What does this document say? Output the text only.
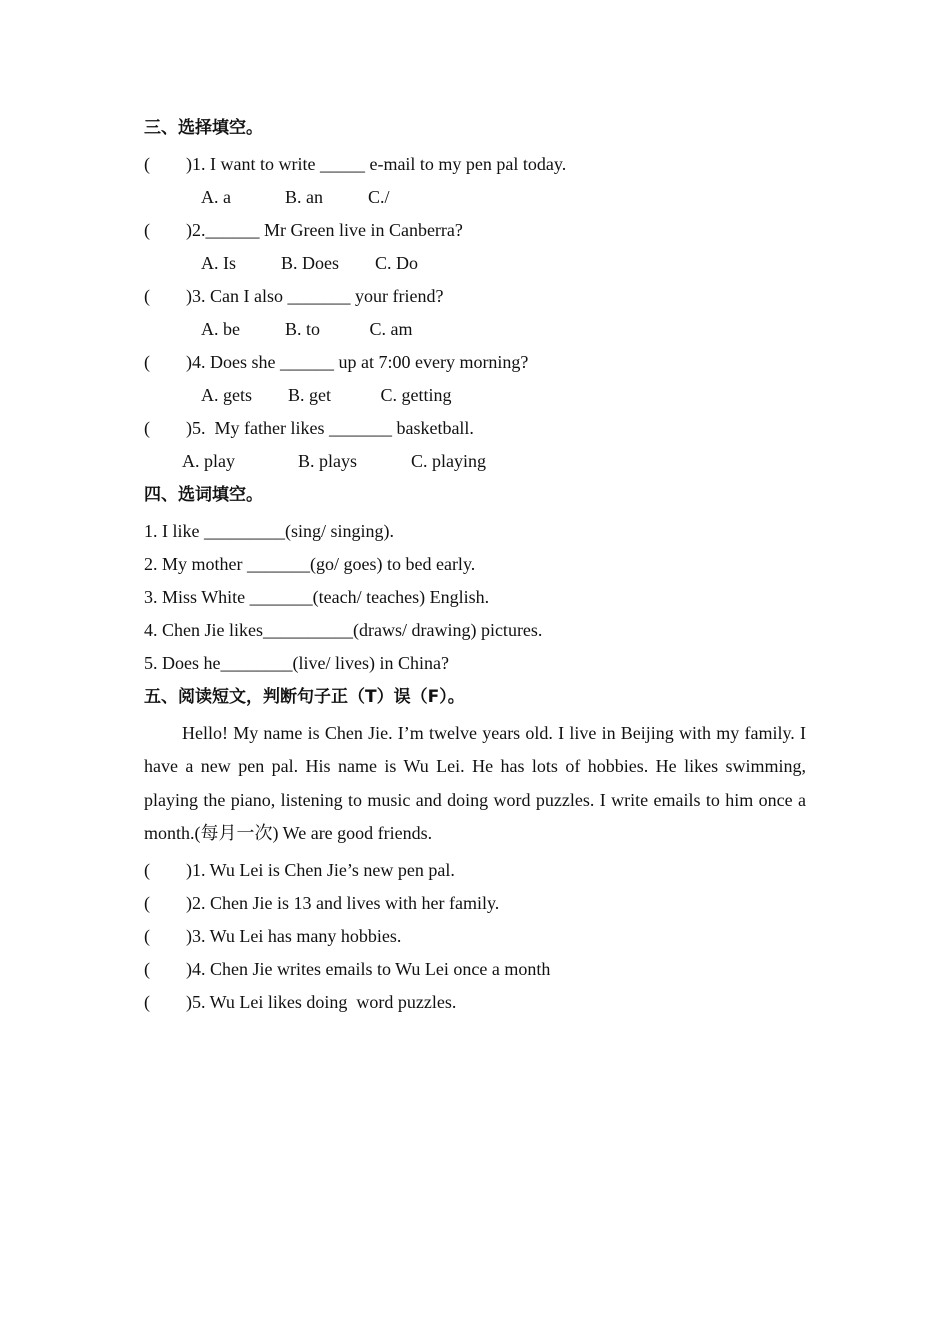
三、选择填空。
(        )1. I want to write _____ e-mail to my pen pal today.
A. a            B. an          C./
(        )2.______ Mr Green live in Canberra?
A. Is          B. Does        C. Do
(        )3. Can I also _______ your friend?
A. be          B. to           C. am
(        )4. Does she ______ up at 7:00 every morning?
A. gets        B. get           C. getting
(        )5.  My father likes _______ basketball.
A. play              B. plays            C. playing
四、选词填空。
1. I like _________(sing/ singing).
2. My mother _______(go/ goes) to bed early.
3. Miss White _______(teach/ teaches) English.
4. Chen Jie likes__________(draws/ drawing) pictures.
5. Does he________(live/ lives) in China?
五、阅读短文，判断句子正（T）误（F）。
Hello! My name is Chen Jie. I’m twelve years old. I live in Beijing with my family. I have a new pen pal. His name is Wu Lei. He has lots of hobbies. He likes swimming, playing the piano, listening to music and doing word puzzles. I write emails to him once a month.(每月一次) We are good friends.
(        )1. Wu Lei is Chen Jie’s new pen pal.
(        )2. Chen Jie is 13 and lives with her family.
(        )3. Wu Lei has many hobbies.
(        )4. Chen Jie writes emails to Wu Lei once a month
(        )5. Wu Lei likes doing  word puzzles.
